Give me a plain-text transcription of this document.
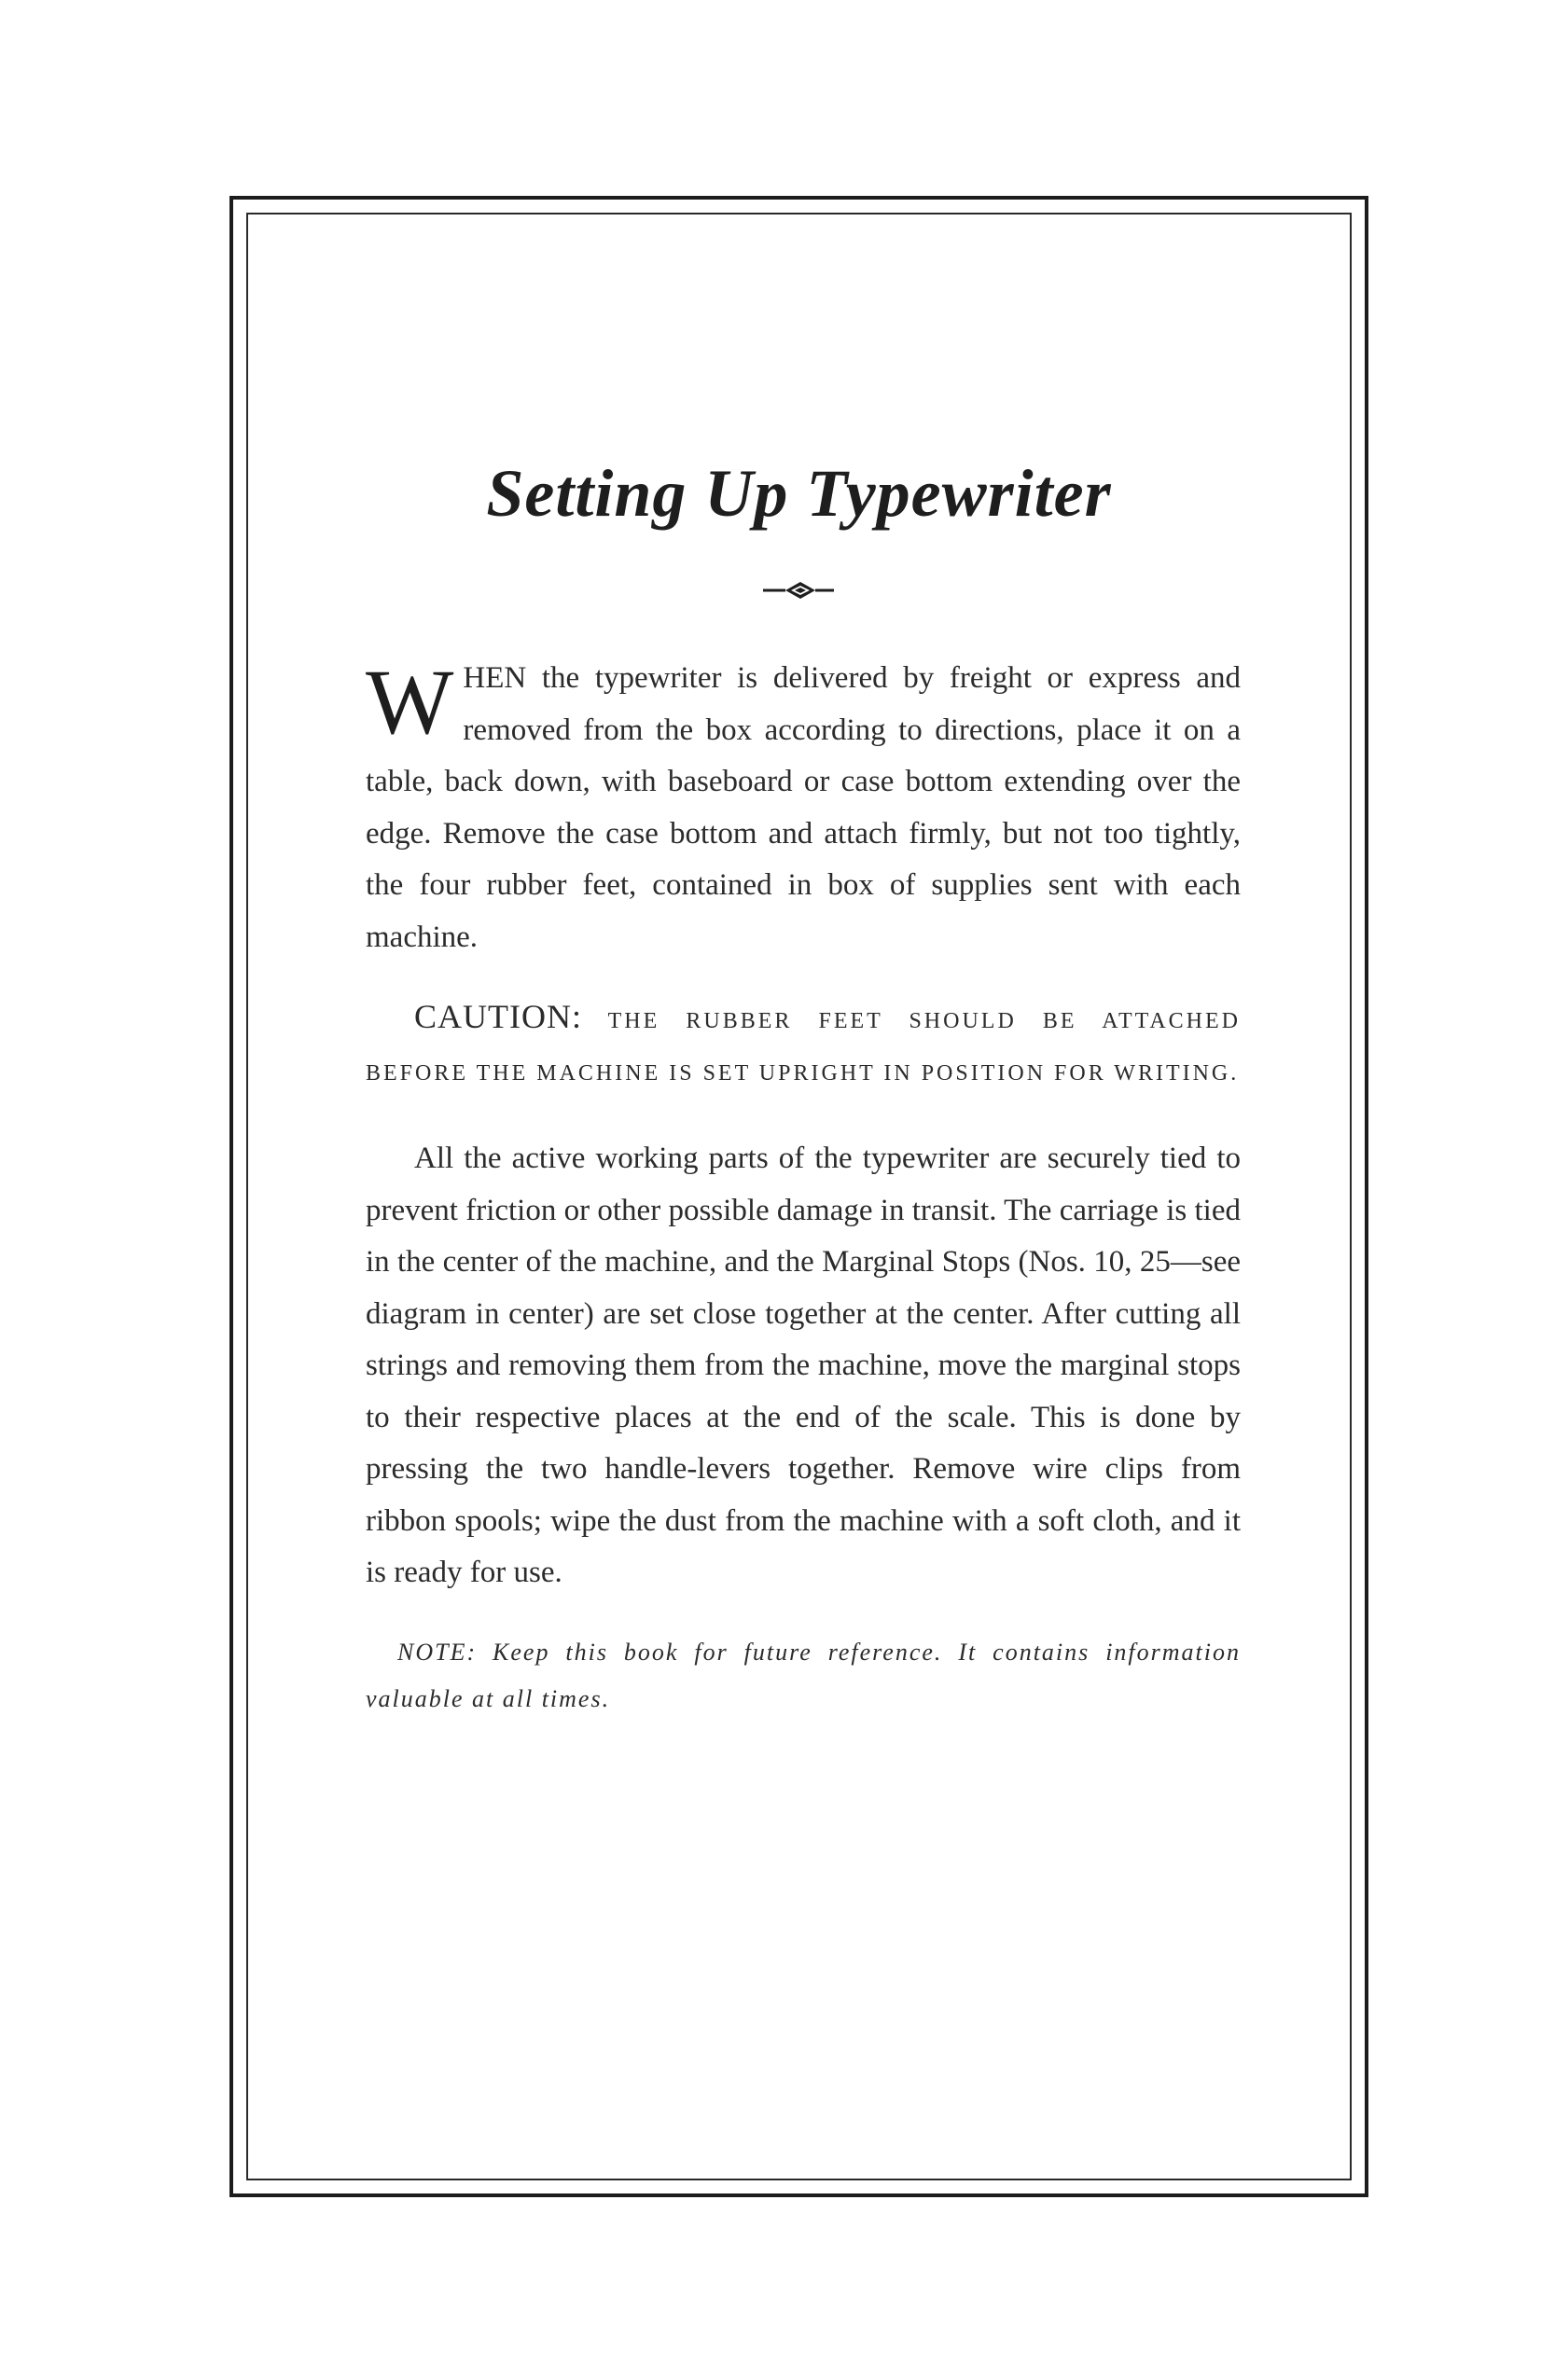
Setting Up Typewriter

WHEN the typewriter is delivered by freight or express and removed from the box according to directions, place it on a table, back down, with baseboard or case bottom extending over the edge. Remove the case bottom and attach firmly, but not too tightly, the four rubber feet, contained in box of supplies sent with each machine.

CAUTION: THE RUBBER FEET SHOULD BE ATTACHED BEFORE THE MACHINE IS SET UPRIGHT IN POSITION FOR WRITING.

All the active working parts of the typewriter are securely tied to prevent friction or other possible damage in transit. The carriage is tied in the center of the machine, and the Marginal Stops (Nos. 10, 25—see diagram in center) are set close together at the center. After cutting all strings and removing them from the machine, move the marginal stops to their respective places at the end of the scale. This is done by pressing the two handle-levers together. Remove wire clips from ribbon spools; wipe the dust from the machine with a soft cloth, and it is ready for use.

NOTE: Keep this book for future reference. It contains information valuable at all times.
